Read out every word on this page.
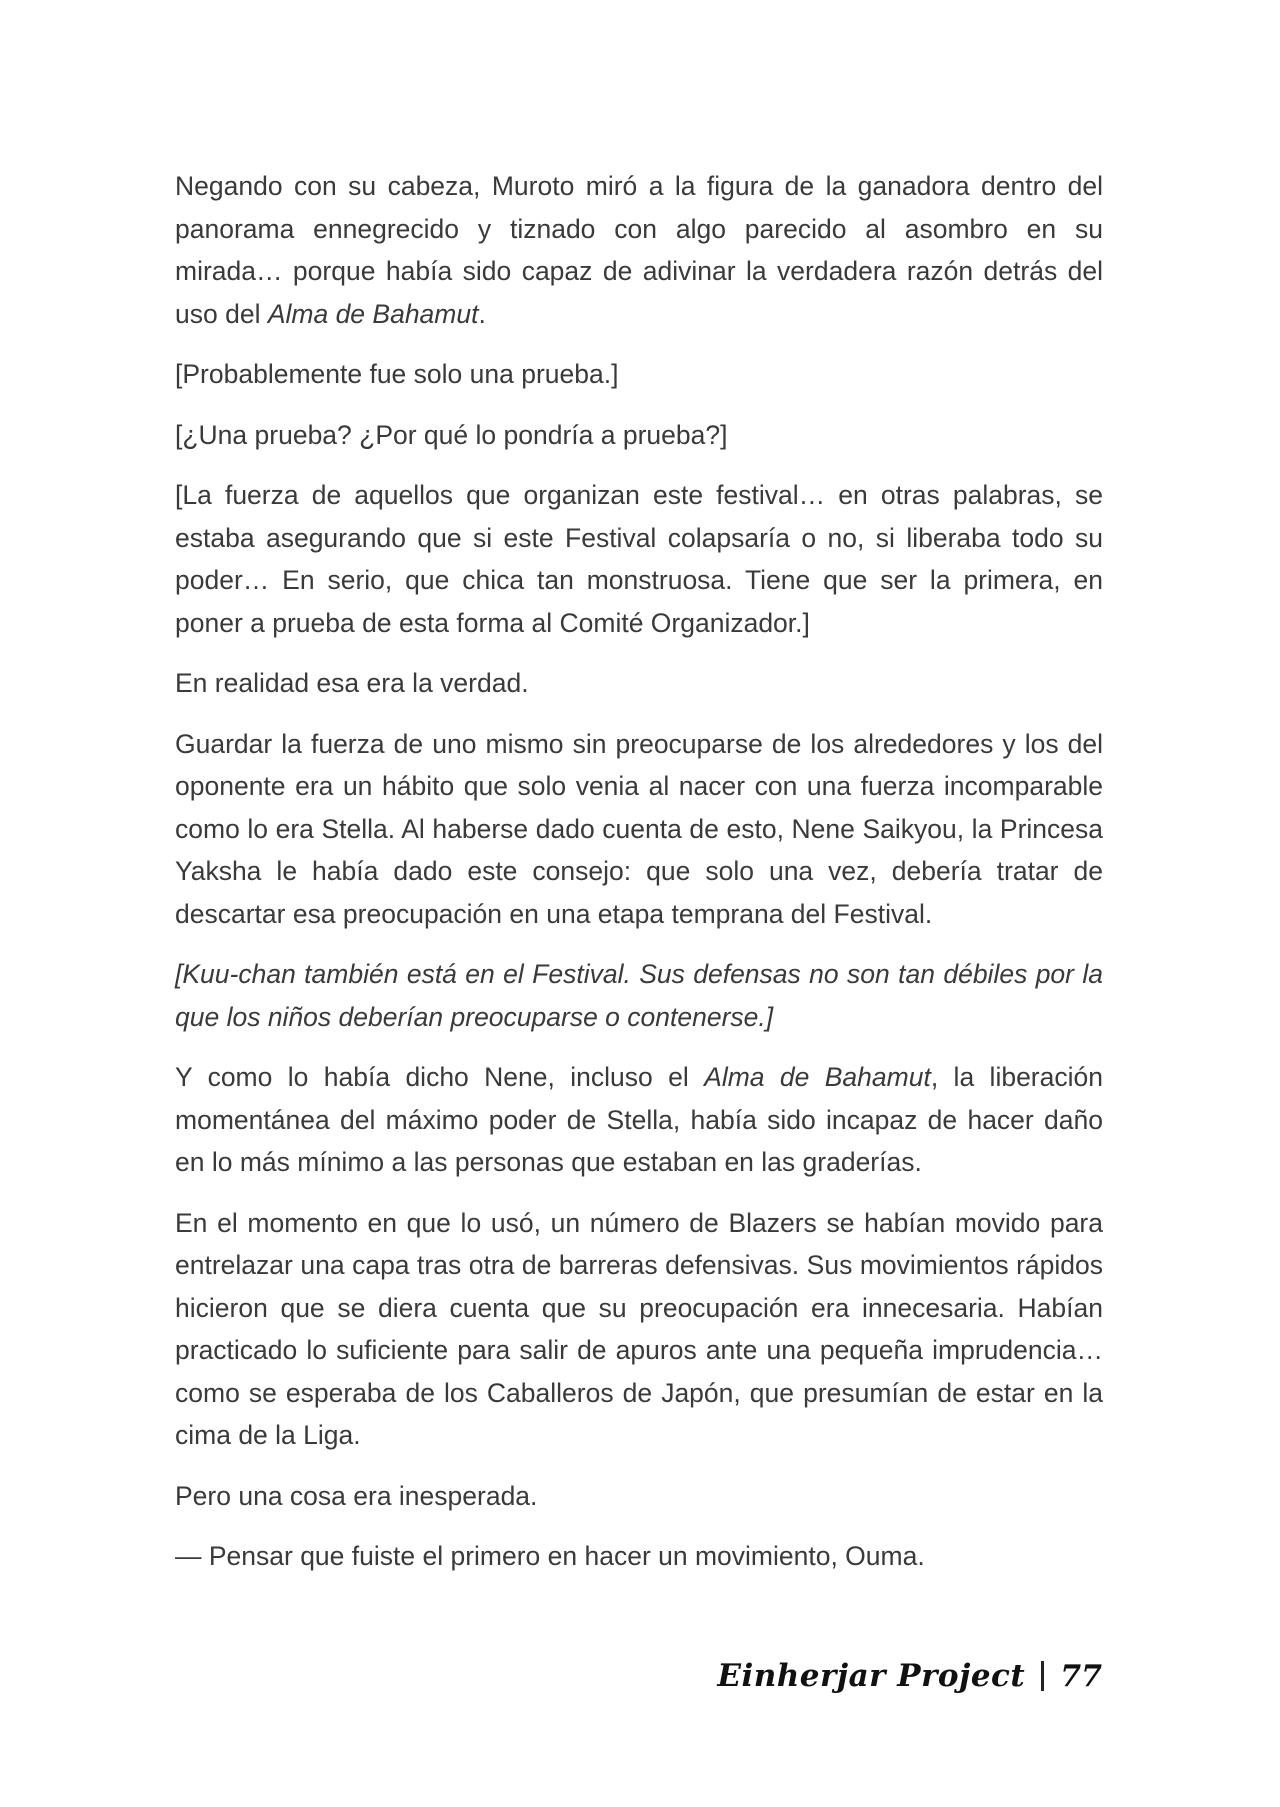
Negando con su cabeza, Muroto miró a la figura de la ganadora dentro del panorama ennegrecido y tiznado con algo parecido al asombro en su mirada… porque había sido capaz de adivinar la verdadera razón detrás del uso del Alma de Bahamut.

[Probablemente fue solo una prueba.]

[¿Una prueba? ¿Por qué lo pondría a prueba?]

[La fuerza de aquellos que organizan este festival… en otras palabras, se estaba asegurando que si este Festival colapsaría o no, si liberaba todo su poder… En serio, que chica tan monstruosa. Tiene que ser la primera, en poner a prueba de esta forma al Comité Organizador.]

En realidad esa era la verdad.

Guardar la fuerza de uno mismo sin preocuparse de los alrededores y los del oponente era un hábito que solo venia al nacer con una fuerza incomparable como lo era Stella. Al haberse dado cuenta de esto, Nene Saikyou, la Princesa Yaksha le había dado este consejo: que solo una vez, debería tratar de descartar esa preocupación en una etapa temprana del Festival.

[Kuu-chan también está en el Festival. Sus defensas no son tan débiles por la que los niños deberían preocuparse o contenerse.]

Y como lo había dicho Nene, incluso el Alma de Bahamut, la liberación momentánea del máximo poder de Stella, había sido incapaz de hacer daño en lo más mínimo a las personas que estaban en las graderías.

En el momento en que lo usó, un número de Blazers se habían movido para entrelazar una capa tras otra de barreras defensivas. Sus movimientos rápidos hicieron que se diera cuenta que su preocupación era innecesaria. Habían practicado lo suficiente para salir de apuros ante una pequeña imprudencia… como se esperaba de los Caballeros de Japón, que presumían de estar en la cima de la Liga.

Pero una cosa era inesperada.

— Pensar que fuiste el primero en hacer un movimiento, Ouma.

Einherjar Project 77
